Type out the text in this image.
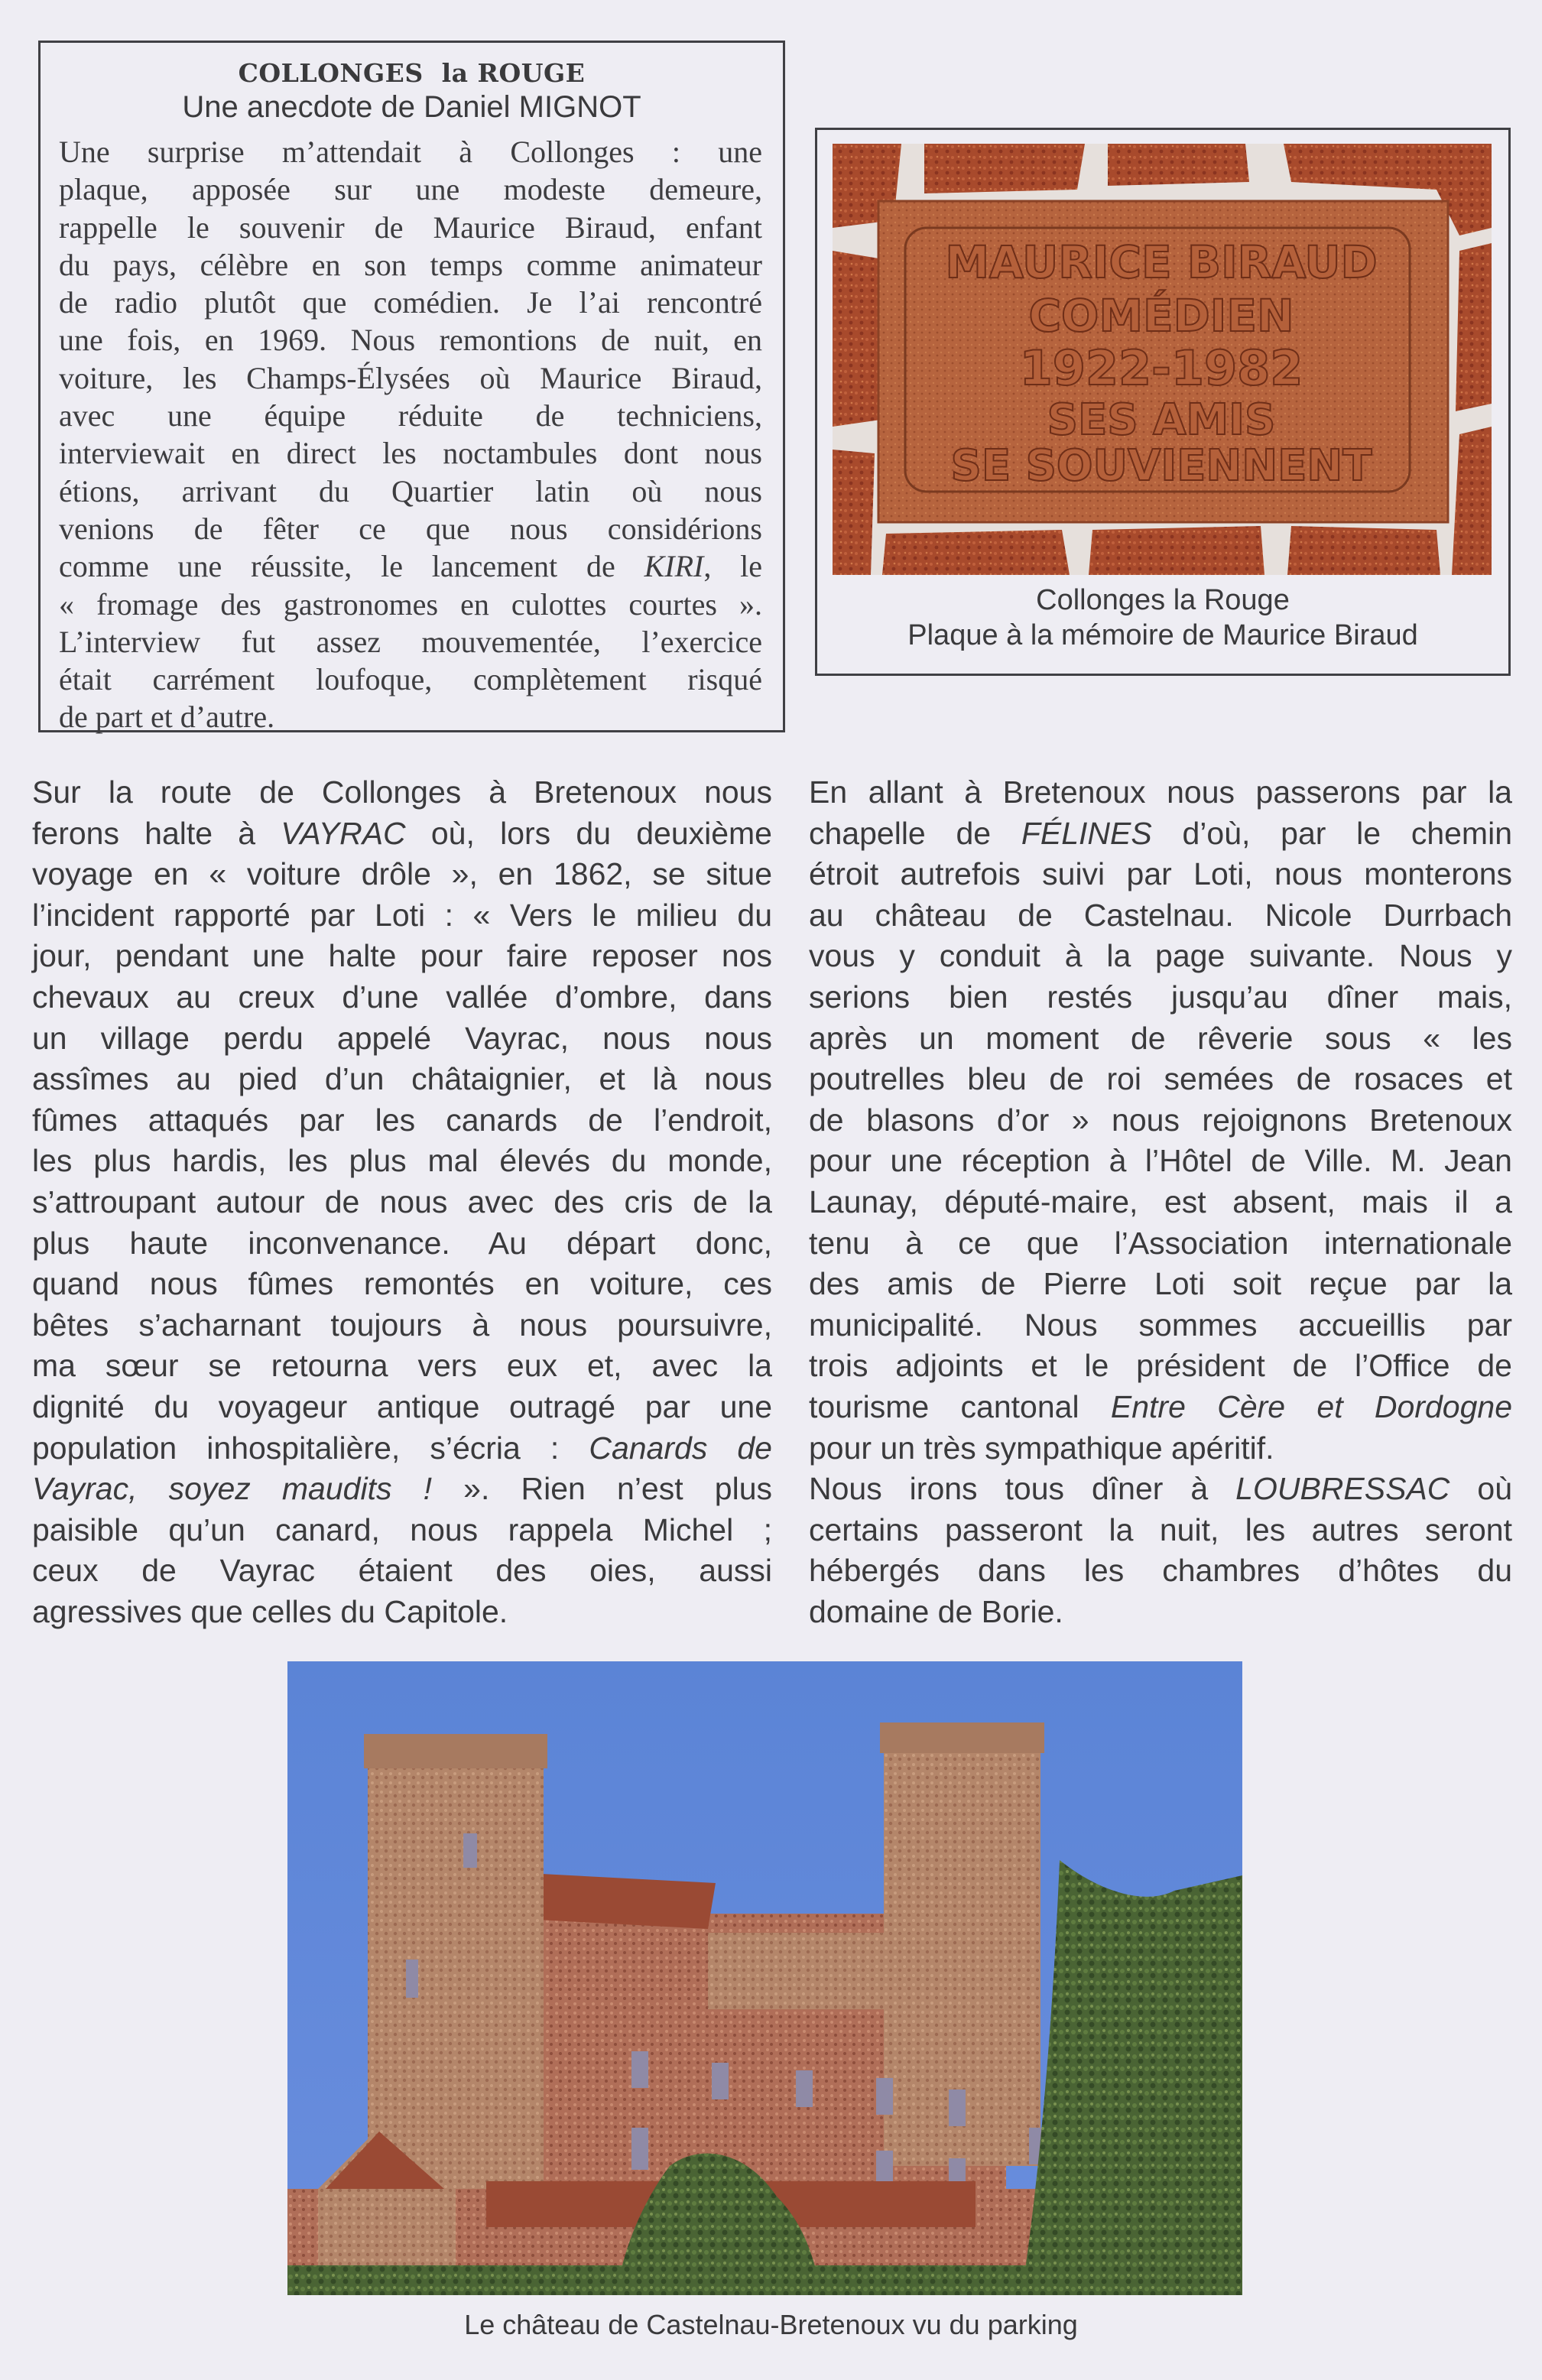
COLLONGES  la ROUGE
Une anecdote de Daniel MIGNOT
Une surprise m’attendait à Collonges : une
plaque, apposée sur une modeste demeure,
rappelle le souvenir de Maurice Biraud, enfant
du pays, célèbre en son temps comme animateur
de radio plutôt que comédien. Je l’ai rencontré
une fois, en 1969. Nous remontions de nuit, en
voiture, les Champs-Élysées où Maurice Biraud,
avec une équipe réduite de techniciens,
interviewait en direct les noctambules dont nous
étions, arrivant du Quartier latin où nous
venions de fêter ce que nous considérions
comme une réussite, le lancement de KIRI, le
« fromage des gastronomes en culottes courtes ».
L’interview fut assez mouvementée, l’exercice
était carrément loufoque, complètement risqué
de part et d’autre.
MAURICE BIRAUD
COMÉDIEN
1922-1982
SES AMIS
SE SOUVIENNENT
Collonges la Rouge
Plaque à la mémoire de Maurice Biraud
Sur la route de Collonges à Bretenoux nous
ferons halte à VAYRAC où, lors du deuxième
voyage en « voiture drôle », en 1862, se situe
l’incident rapporté par Loti : « Vers le milieu du
jour, pendant une halte pour faire reposer nos
chevaux au creux d’une vallée d’ombre, dans
un village perdu appelé Vayrac, nous nous
assîmes au pied d’un châtaignier, et là nous
fûmes attaqués par les canards de l’endroit,
les plus hardis, les plus mal élevés du monde,
s’attroupant autour de nous avec des cris de la
plus haute inconvenance. Au départ donc,
quand nous fûmes remontés en voiture, ces
bêtes s’acharnant toujours à nous poursuivre,
ma sœur se retourna vers eux et, avec la
dignité du voyageur antique outragé par une
population inhospitalière, s’écria : Canards de
Vayrac, soyez maudits ! ». Rien n’est plus
paisible qu’un canard, nous rappela Michel ;
ceux de Vayrac étaient des oies, aussi
agressives que celles du Capitole.
En allant à Bretenoux nous passerons par la
chapelle de FÉLINES d’où, par le chemin
étroit autrefois suivi par Loti, nous monterons
au château de Castelnau. Nicole Durrbach
vous y conduit à la page suivante. Nous y
serions bien restés jusqu’au dîner mais,
après un moment de rêverie sous « les
poutrelles bleu de roi semées de rosaces et
de blasons d’or » nous rejoignons Bretenoux
pour une réception à l’Hôtel de Ville. M. Jean
Launay, député-maire, est absent, mais il a
tenu à ce que l’Association internationale
des amis de Pierre Loti soit reçue par la
municipalité. Nous sommes accueillis par
trois adjoints et le président de l’Office de
tourisme cantonal Entre Cère et Dordogne
pour un très sympathique apéritif.
Nous irons tous dîner à LOUBRESSAC où
certains passeront la nuit, les autres seront
hébergés dans les chambres d’hôtes du
domaine de Borie.
Le château de Castelnau-Bretenoux vu du parking
